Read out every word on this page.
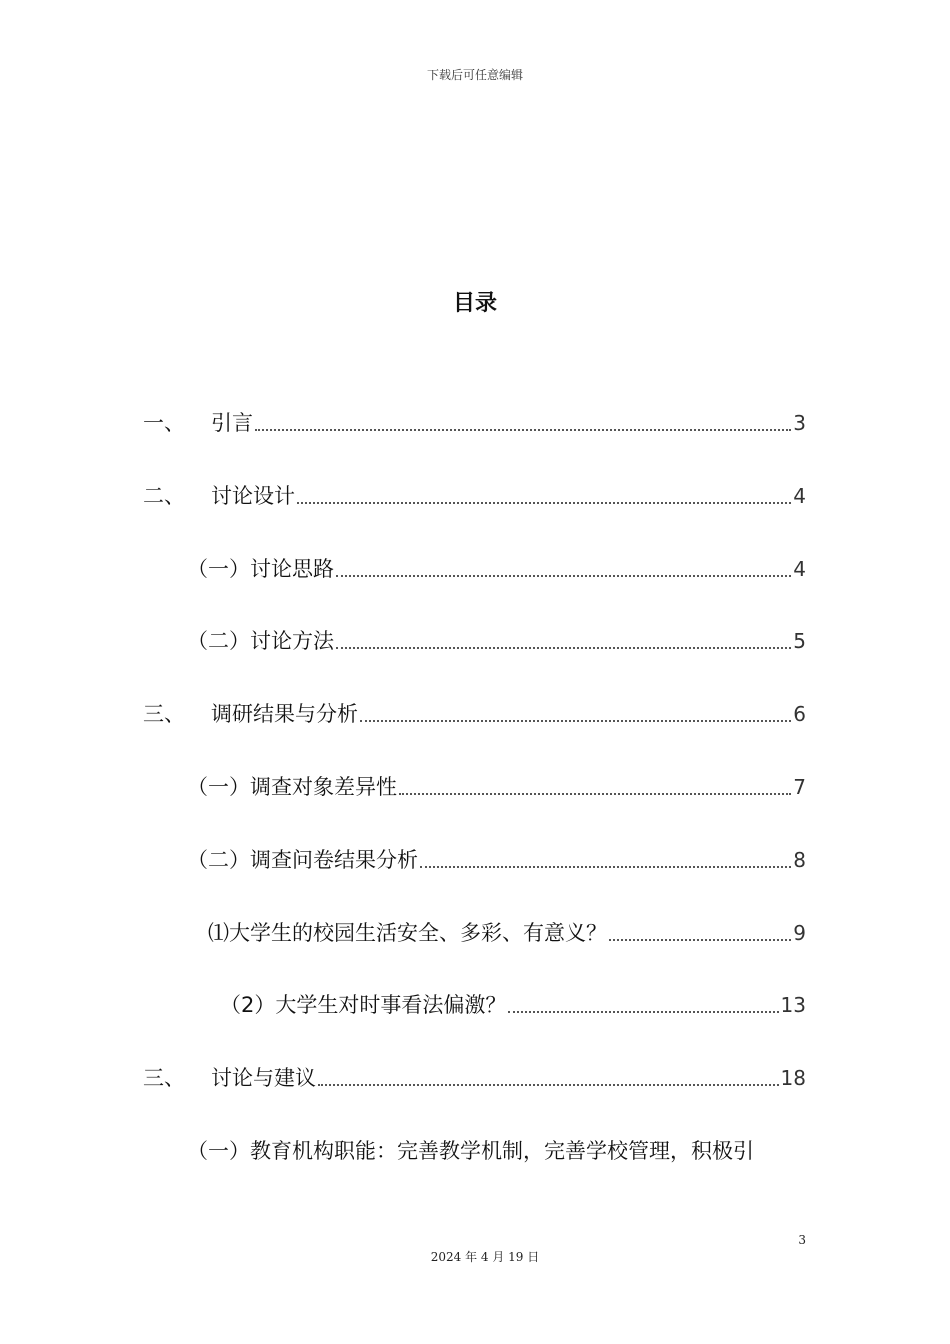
下载后可任意编辑
目录
一、	引言	3
二、	讨论设计	4
（一）讨论思路	4
（二）讨论方法	5
三、	调研结果与分析	6
（一）调查对象差异性	7
（二）调查问卷结果分析	8
⑴大学生的校园生活安全、多彩、有意义？	9
（2）大学生对时事看法偏激？	13
三、	讨论与建议	18
（一）教育机构职能：完善教学机制，完善学校管理，积极引
3
2024 年 4 月 19 日
